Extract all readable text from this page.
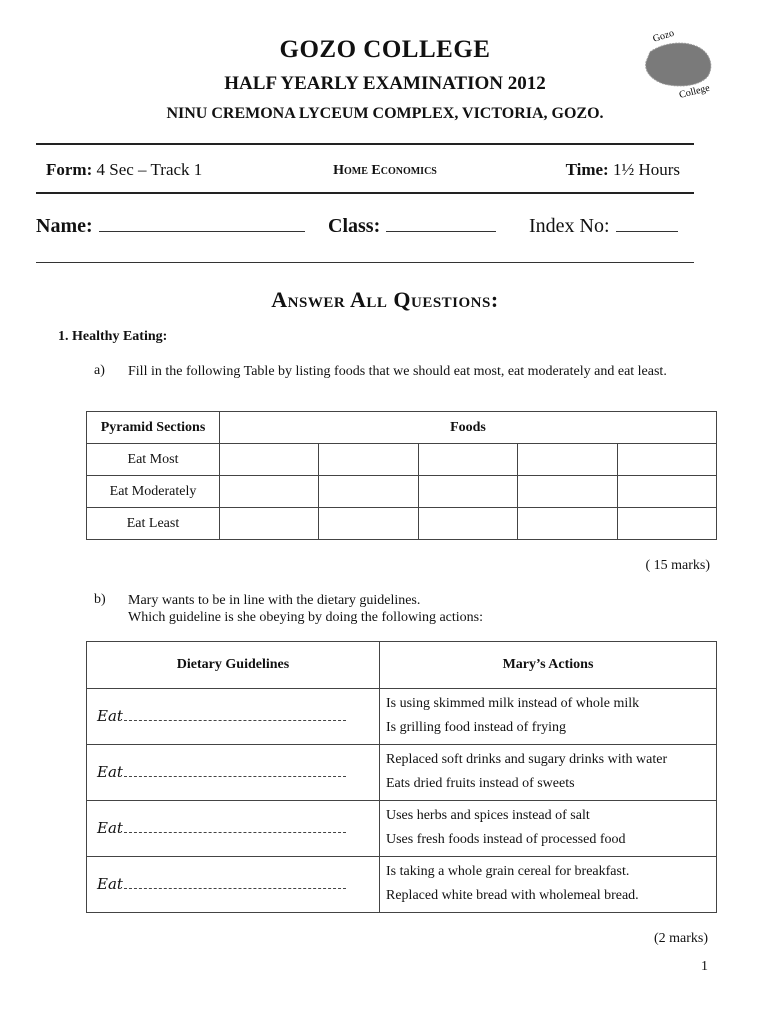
GOZO COLLEGE
HALF YEARLY EXAMINATION 2012
NINU CREMONA LYCEUM COMPLEX, VICTORIA, GOZO.
Gozo
College
Form: 4 Sec – Track 1	Home Economics	Time: 1½ Hours
Name:	Class:	Index No:
Answer All Questions:
1. Healthy Eating:
a) Fill in the following Table by listing foods that we should eat most, eat moderately and eat least.
Pyramid Sections	Foods				
Eat Most					
Eat Moderately					
Eat Least					
( 15 marks)
b) Mary wants to be in line with the dietary guidelines.
Which guideline is she obeying by doing the following actions:
Dietary Guidelines	Mary’s Actions
Eat	Is using skimmed milk instead of whole milk
Is grilling food instead of frying

Eat	Replaced soft drinks and sugary drinks with water
Eats dried fruits instead of sweets

Eat	Uses herbs and spices instead of salt
Uses fresh foods instead of processed food

Eat	Is taking a whole grain cereal for breakfast.
Replaced white bread with wholemeal bread.
(2 marks)
1
